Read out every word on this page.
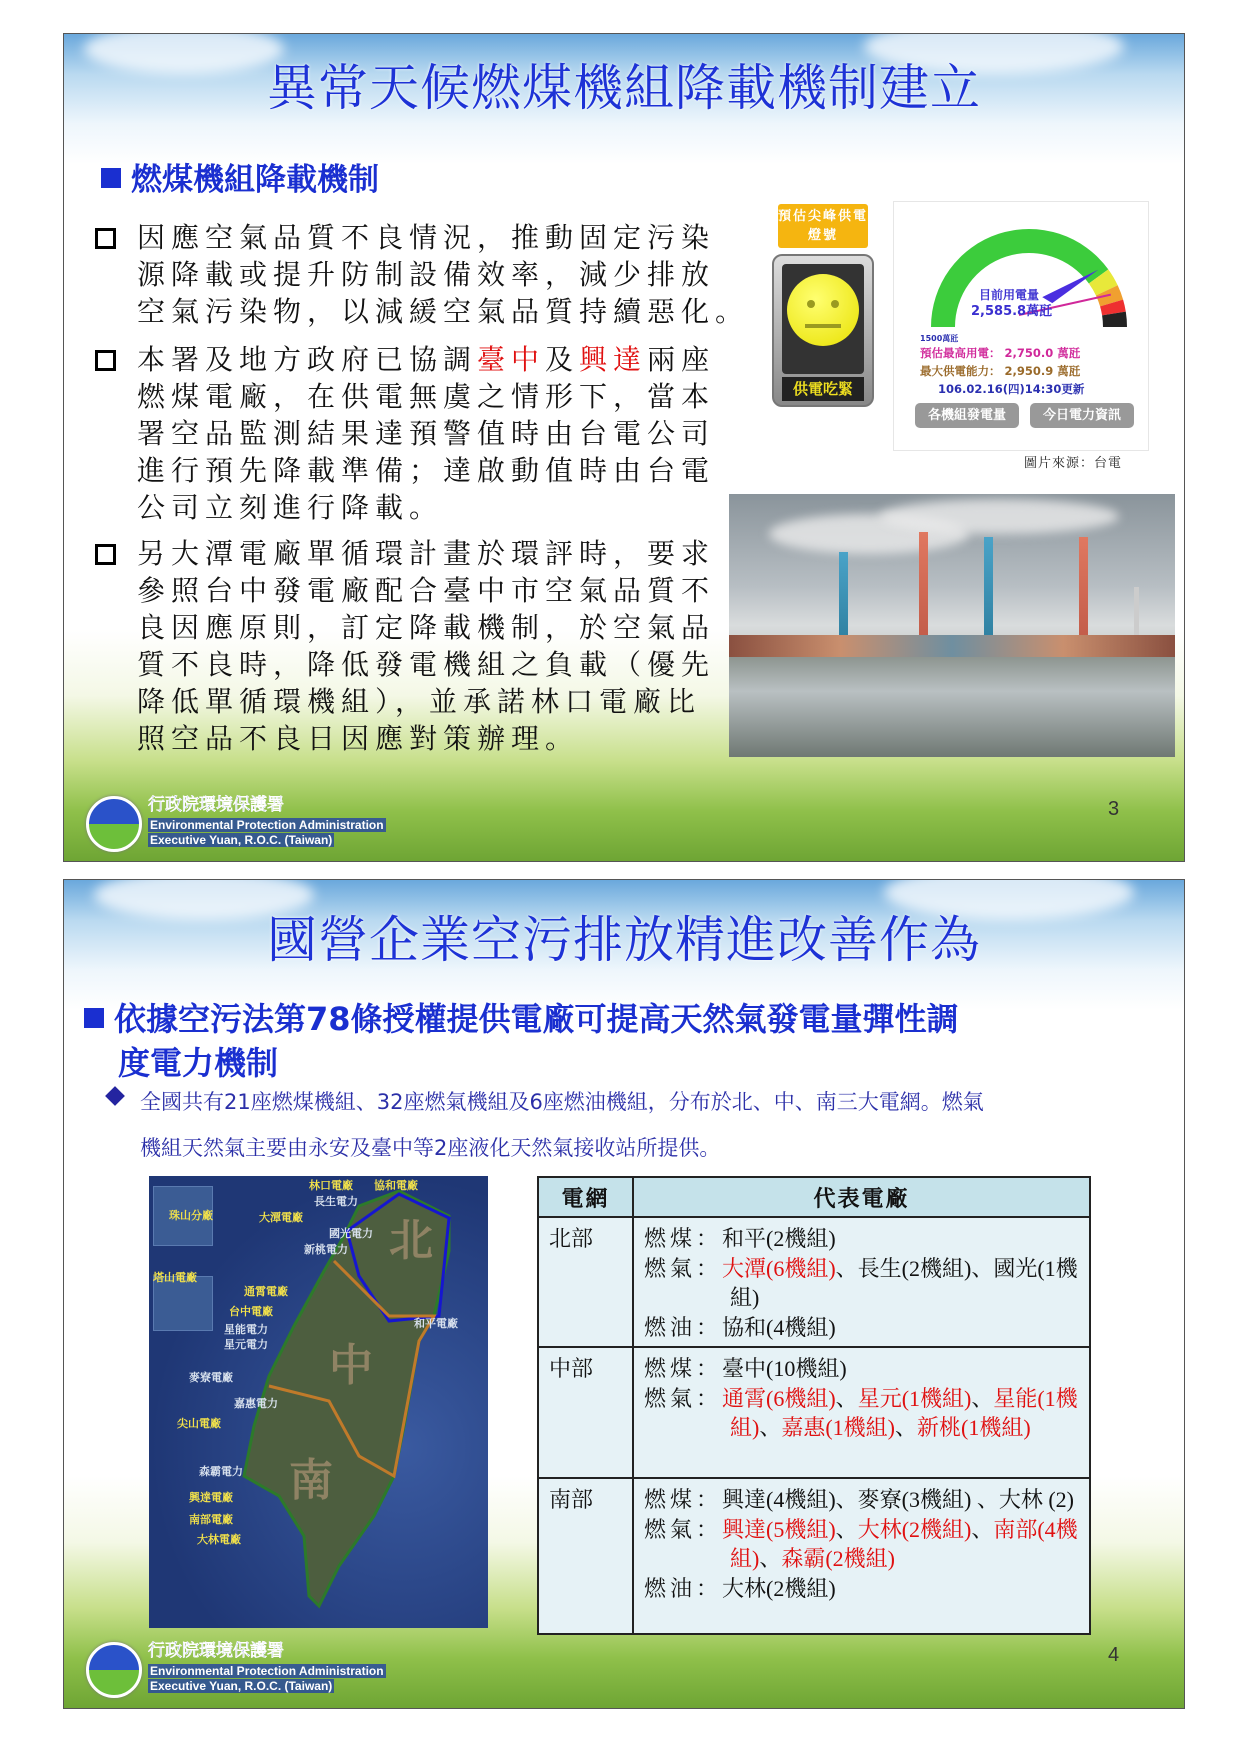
異常天候燃煤機組降載機制建立
燃煤機組降載機制
因應空氣品質不良情況，推動固定污染
源降載或提升防制設備效率，減少排放
空氣污染物，以減緩空氣品質持續惡化。
本署及地方政府已協調臺中及興達兩座
燃煤電廠，在供電無虞之情形下，當本
署空品監測結果達預警值時由台電公司
進行預先降載準備；達啟動值時由台電
公司立刻進行降載。
另大潭電廠單循環計畫於環評時，要求
參照台中發電廠配合臺中市空氣品質不
良因應原則，訂定降載機制，於空氣品
質不良時，降低發電機組之負載（優先
降低單循環機組），並承諾林口電廠比
照空品不良日因應對策辦理。
預估尖峰供電燈號
供電吃緊
目前用電量
2,585.8萬瓩
1500萬瓩
預估最高用電： 2,750.0 萬瓩
最大供電能力： 2,950.9 萬瓩
106.02.16(四)14:30更新
各機組發電量	今日電力資訊
圖片來源：台電
行政院環境保護署
Environmental Protection Administration
Executive Yuan, R.O.C. (Taiwan)
3
國營企業空污排放精進改善作為
依據空污法第78條授權提供電廠可提高天然氣發電量彈性調
度電力機制
全國共有21座燃煤機組、32座燃氣機組及6座燃油機組，分布於北、中、南三大電網。燃氣
機組天然氣主要由永安及臺中等2座液化天然氣接收站所提供。
北
中
南
林口電廠 協和電廠
長生電力
大潭電廠
國光電力
新桃電力
珠山分廠
塔山電廠
通霄電廠
台中電廠
和平電廠
星能電力
星元電力
麥寮電廠
嘉惠電力
尖山電廠
森霸電力
興達電廠
南部電廠
大林電廠
電網	代表電廠
北部	燃煤：和平(2機組)
燃氣：大潭(6機組)、長生(2機組)、國光(1機組)
燃油：協和(4機組)

中部	燃煤：臺中(10機組)
燃氣：通霄(6機組)、星元(1機組)、星能(1機組)、嘉惠(1機組)、新桃(1機組)

南部	燃煤：興達(4機組)、麥寮(3機組) 、大林 (2)
燃氣：興達(5機組)、大林(2機組)、南部(4機組)、森霸(2機組)
燃油：大林(2機組)
行政院環境保護署
Environmental Protection Administration
Executive Yuan, R.O.C. (Taiwan)
4
